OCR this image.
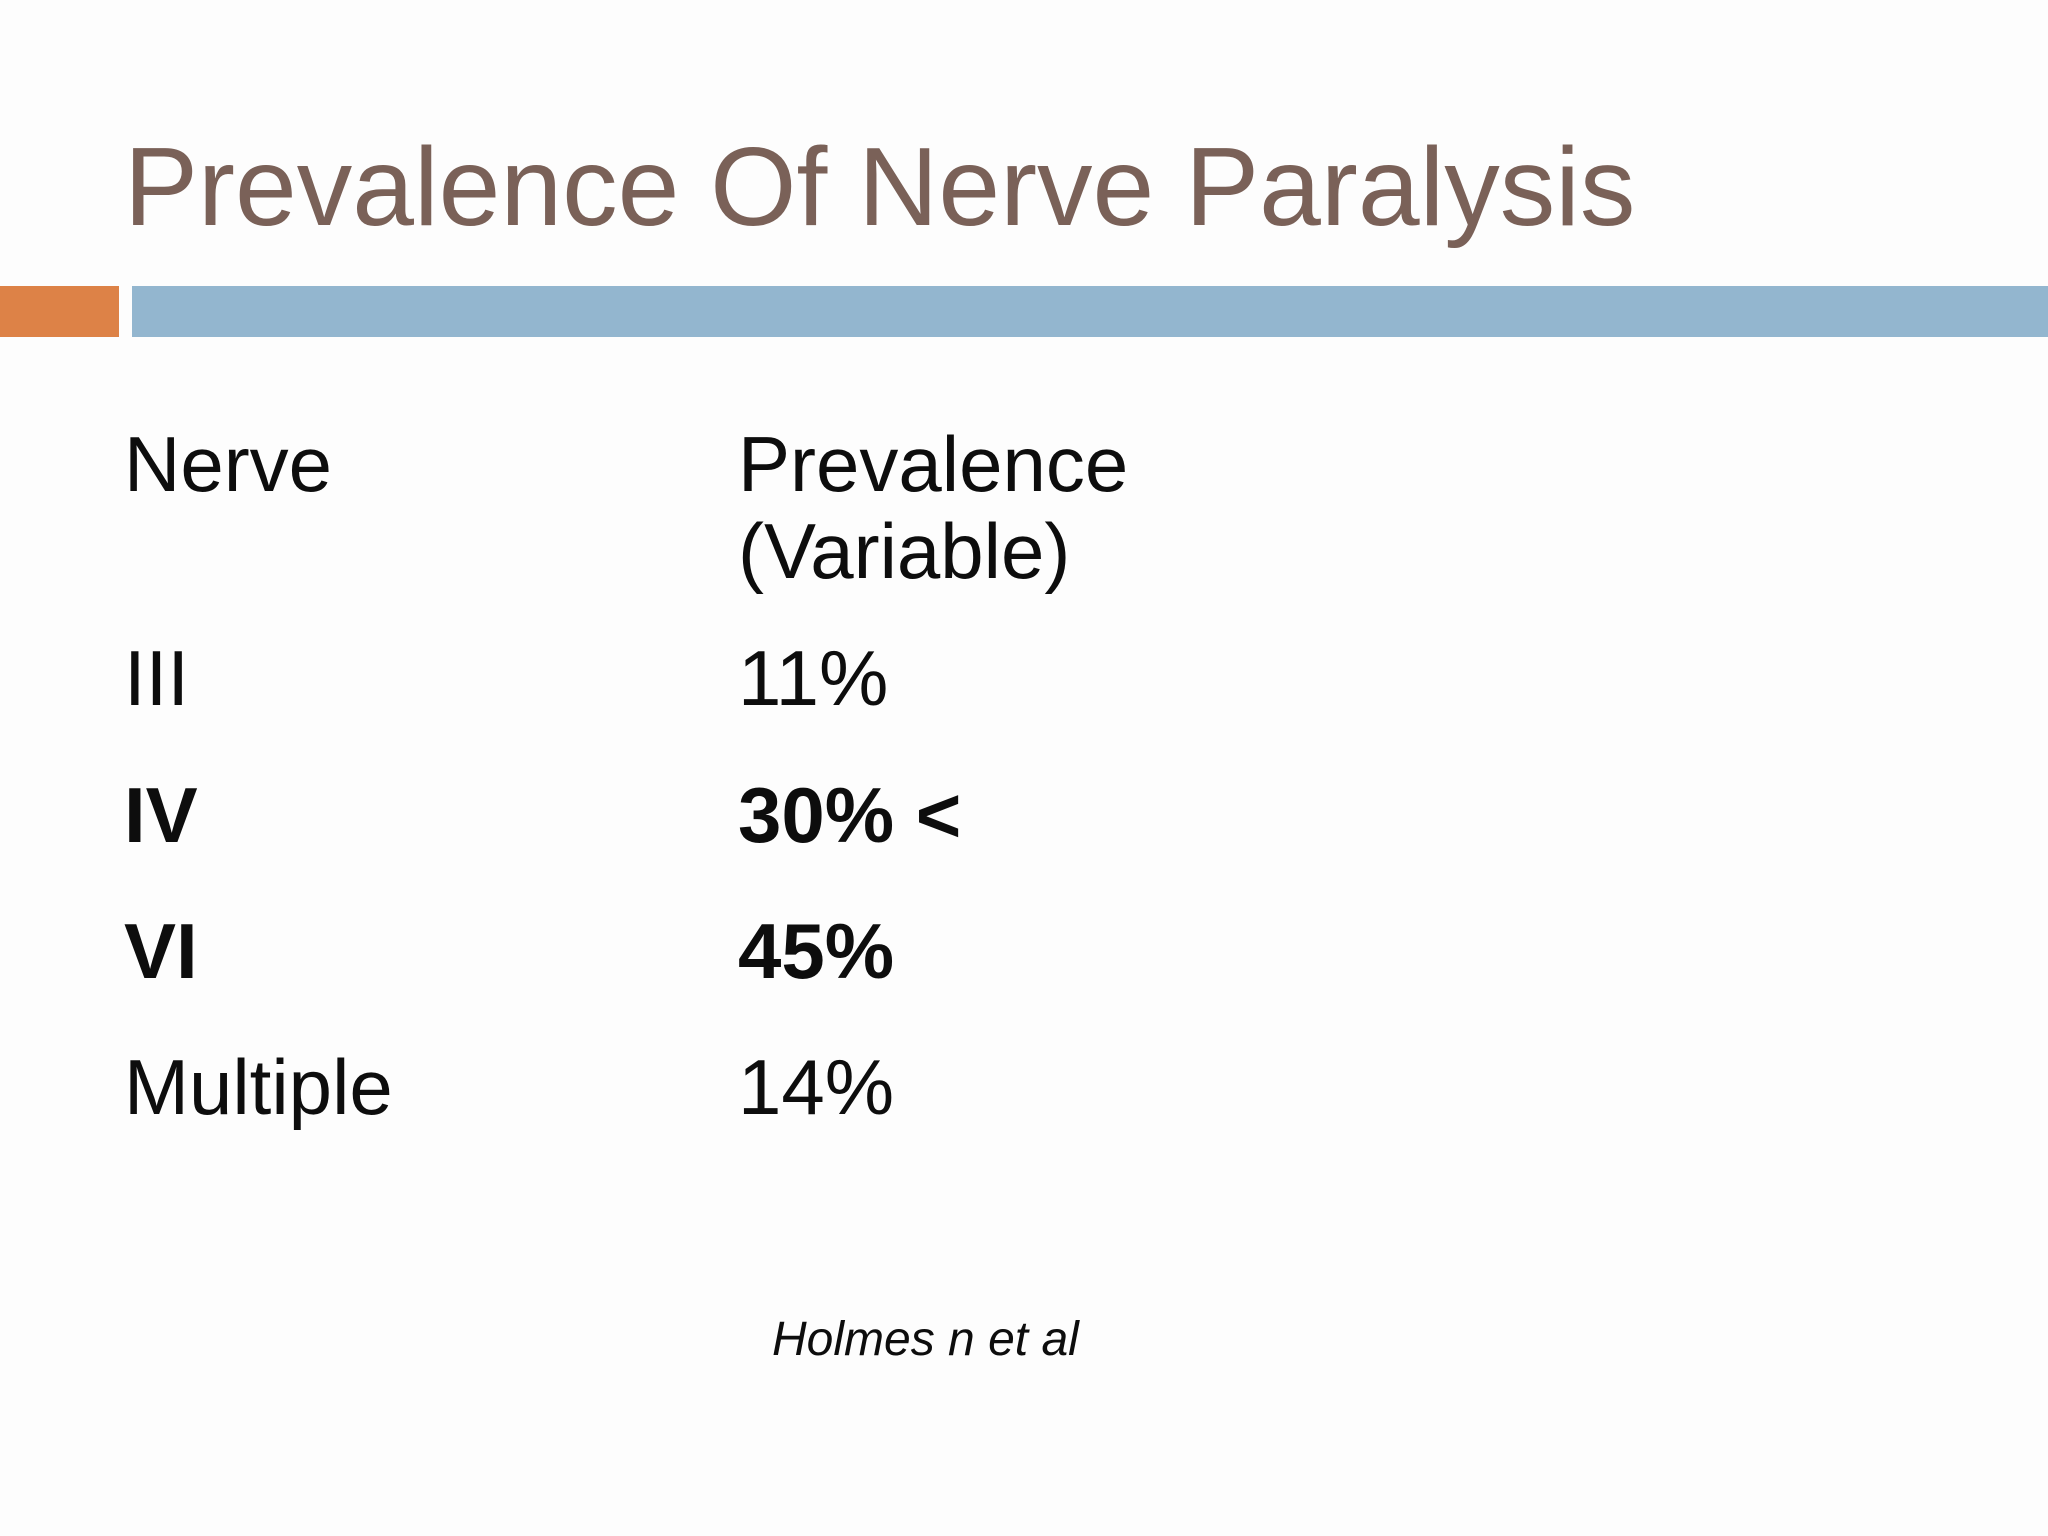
Prevalence Of Nerve Paralysis
Nerve	Prevalence (Variable)
III	11%
IV	30% <
VI	45%
Multiple	14%
Holmes n et al
